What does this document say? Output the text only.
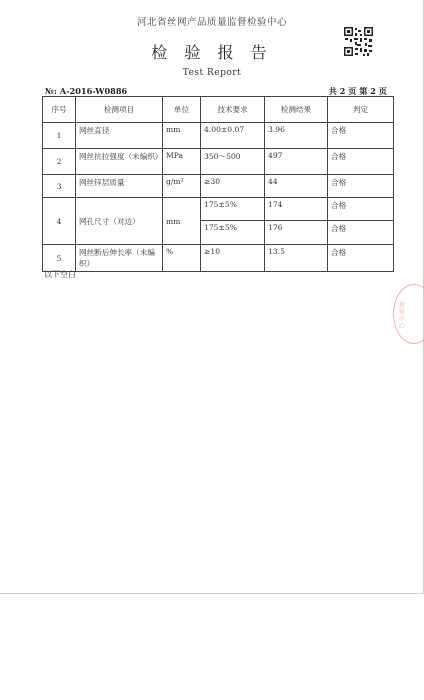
河北省丝网产品质量监督检验中心
检 验 报 告
Test Report
№: A-2016-W0886	共 2 页 第 2 页
序号	检测项目	单位	技术要求	检测结果	判定
1	网丝直径	mm	4.00±0.07	3.96	合格
2	网丝抗拉强度（未编织）	MPa	350～500	497	合格
3	网丝锌层质量	g/m²	≥30	44	合格
4	网孔尺寸（对边）	mm	175±5%	174	合格
			175±5%	176	合格
5	网丝断后伸长率（未编织）	%	≥10	13.5	合格
以下空白
检
验
中
心
